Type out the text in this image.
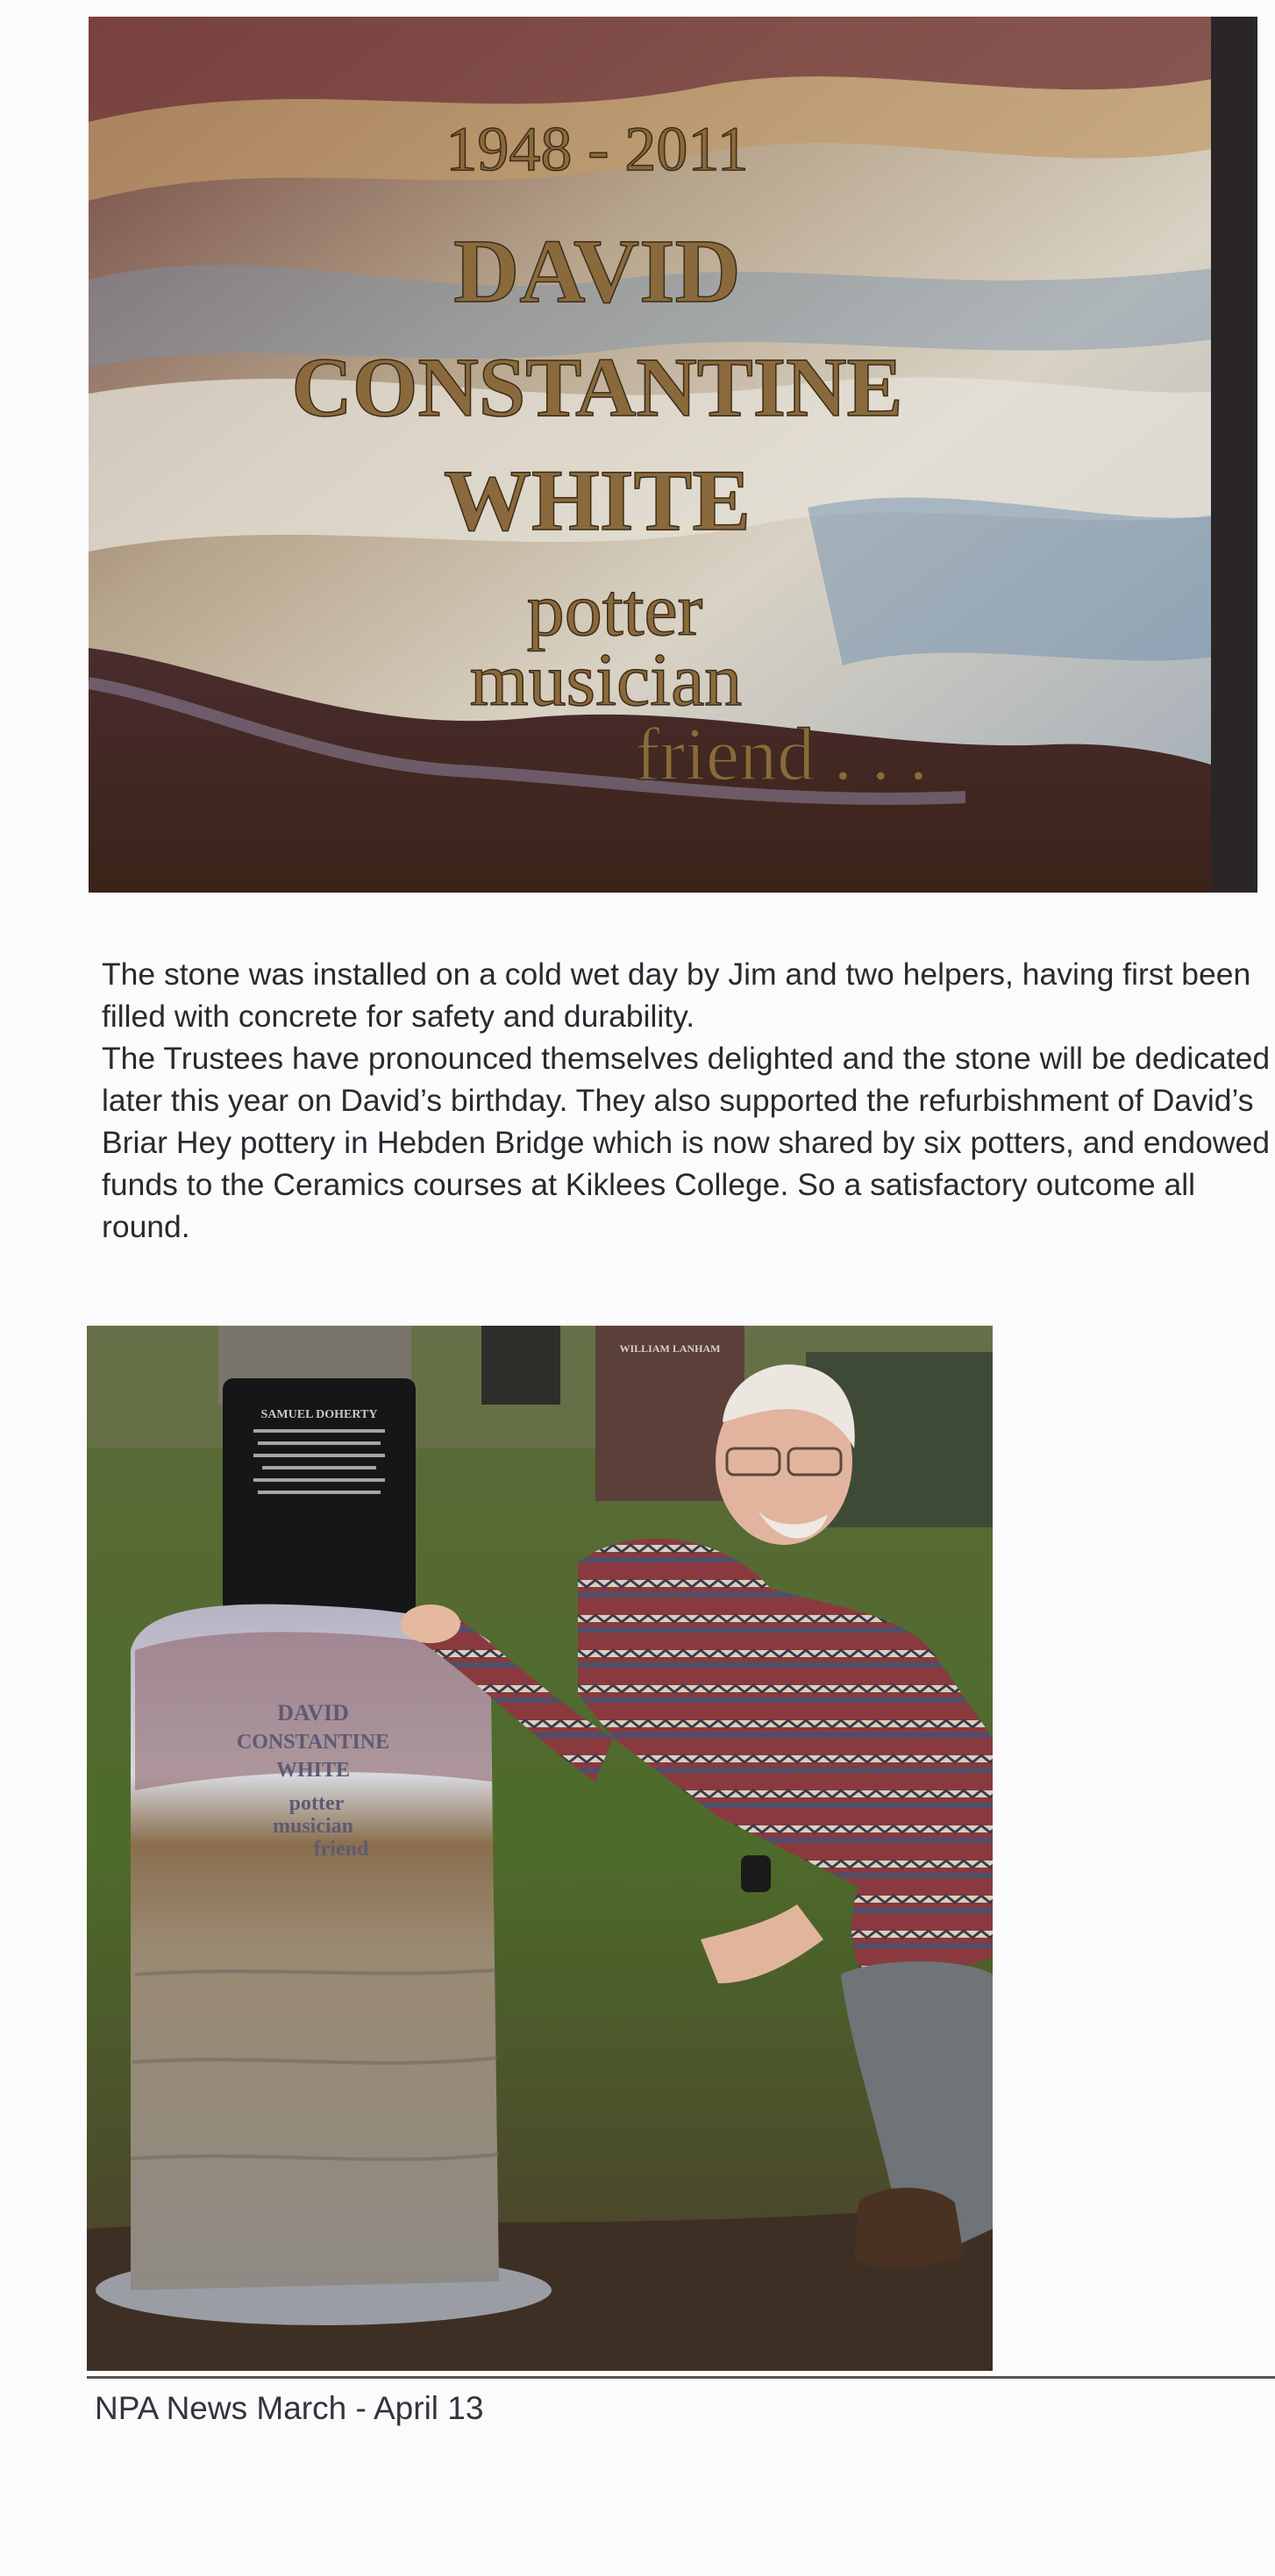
1948 - 2011
DAVID
CONSTANTINE
WHITE
potter
musician
friend . . .

The stone was installed on a cold wet day by Jim and two helpers, having first been filled with concrete for safety and durability.

The Trustees have pronounced themselves delighted and the stone will be dedicated later this year on David’s birthday. They also supported the refurbishment of David’s Briar Hey pottery in Hebden Bridge which is now shared by six potters, and endowed funds to the Ceramics courses at Kiklees College. So a satisfactory outcome all round.

SAMUEL DOHERTY
WILLIAM LANHAM
DAVID
CONSTANTINE
WHITE
potter
musician
friend
NPA News March - April 13
